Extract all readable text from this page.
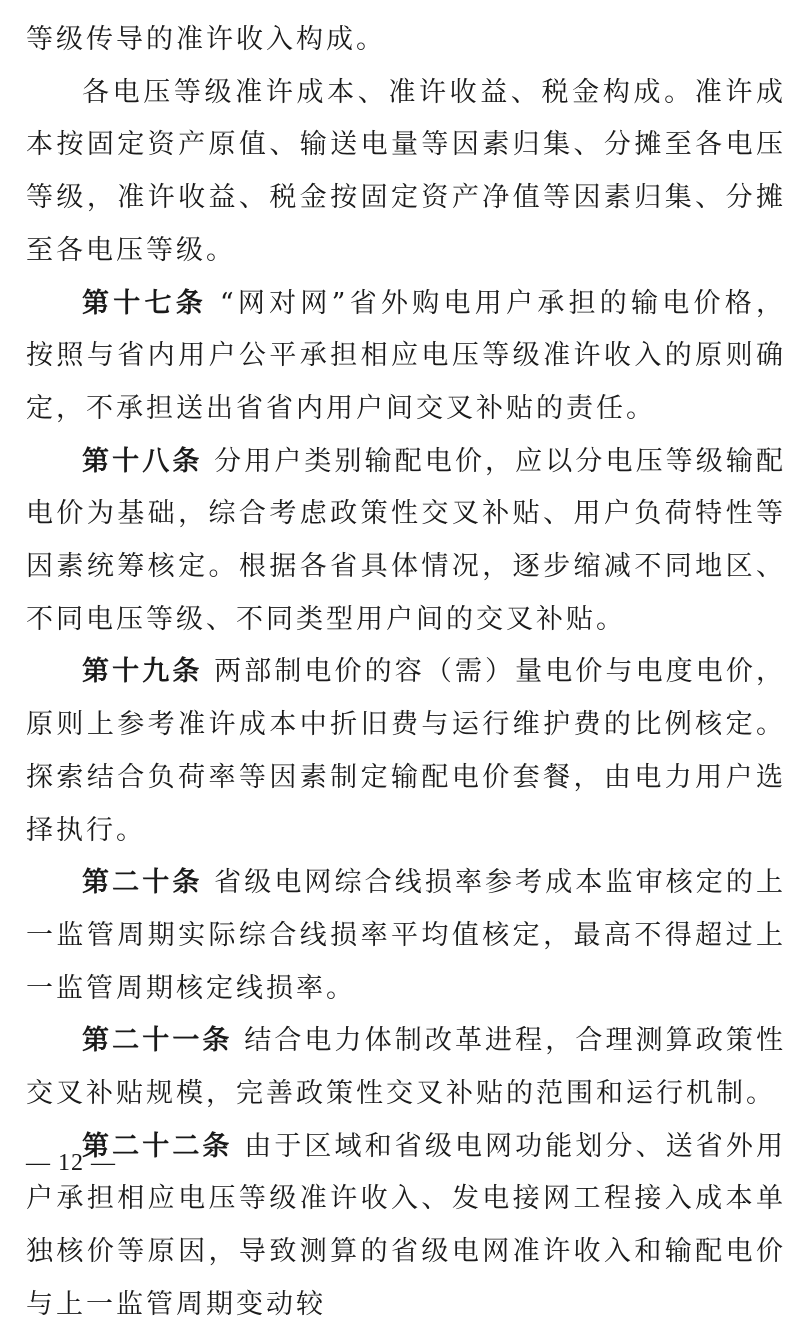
等级传导的准许收入构成。

各电压等级准许成本、准许收益、税金构成。准许成本按固定资产原值、输送电量等因素归集、分摊至各电压等级，准许收益、税金按固定资产净值等因素归集、分摊至各电压等级。

第十七条 “网对网”省外购电用户承担的输电价格，按照与省内用户公平承担相应电压等级准许收入的原则确定，不承担送出省省内用户间交叉补贴的责任。

第十八条 分用户类别输配电价，应以分电压等级输配电价为基础，综合考虑政策性交叉补贴、用户负荷特性等因素统筹核定。根据各省具体情况，逐步缩减不同地区、不同电压等级、不同类型用户间的交叉补贴。

第十九条 两部制电价的容（需）量电价与电度电价，原则上参考准许成本中折旧费与运行维护费的比例核定。探索结合负荷率等因素制定输配电价套餐，由电力用户选择执行。

第二十条 省级电网综合线损率参考成本监审核定的上一监管周期实际综合线损率平均值核定，最高不得超过上一监管周期核定线损率。

第二十一条 结合电力体制改革进程，合理测算政策性交叉补贴规模，完善政策性交叉补贴的范围和运行机制。

第二十二条 由于区域和省级电网功能划分、送省外用户承担相应电压等级准许收入、发电接网工程接入成本单独核价等原因，导致测算的省级电网准许收入和输配电价与上一监管周期变动较

— 12 —
